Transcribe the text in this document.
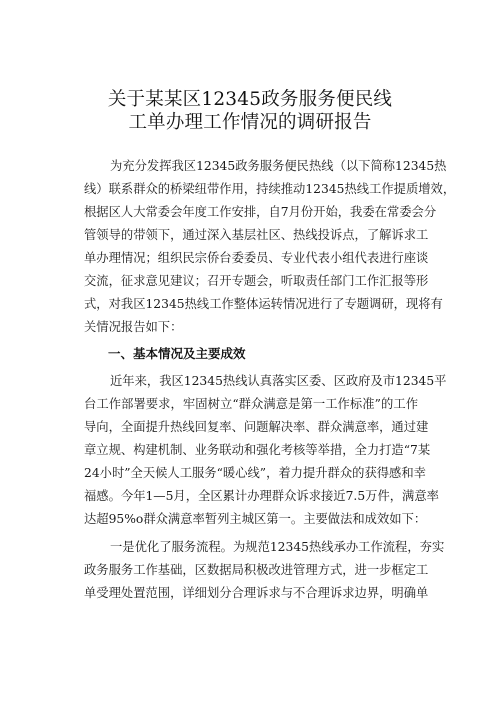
关于某某区12345政务服务便民线
工单办理工作情况的调研报告
为充分发挥我区12345政务服务便民热线（以下简称12345热
线）联系群众的桥梁纽带作用，持续推动12345热线工作提质增效，
根据区人大常委会年度工作安排，自7月份开始，我委在常委会分
管领导的带领下，通过深入基层社区、热线投诉点，了解诉求工
单办理情况；组织民宗侨台委委员、专业代表小组代表进行座谈
交流，征求意见建议；召开专题会，听取责任部门工作汇报等形
式，对我区12345热线工作整体运转情况进行了专题调研，现将有
关情况报告如下：
一、基本情况及主要成效
近年来，我区12345热线认真落实区委、区政府及市12345平
台工作部署要求，牢固树立“群众满意是第一工作标准”的工作
导向，全面提升热线回复率、问题解决率、群众满意率，通过建
章立规、构建机制、业务联动和强化考核等举措，全力打造“7某
24小时”全天候人工服务“暖心线”，着力提升群众的获得感和幸
福感。今年1—5月，全区累计办理群众诉求接近7.5万件，满意率
达超95%o群众满意率暂列主城区第一。主要做法和成效如下：
一是优化了服务流程。为规范12345热线承办工作流程，夯实
政务服务工作基础，区数据局积极改进管理方式，进一步框定工
单受理处置范围，详细划分合理诉求与不合理诉求边界，明确单
